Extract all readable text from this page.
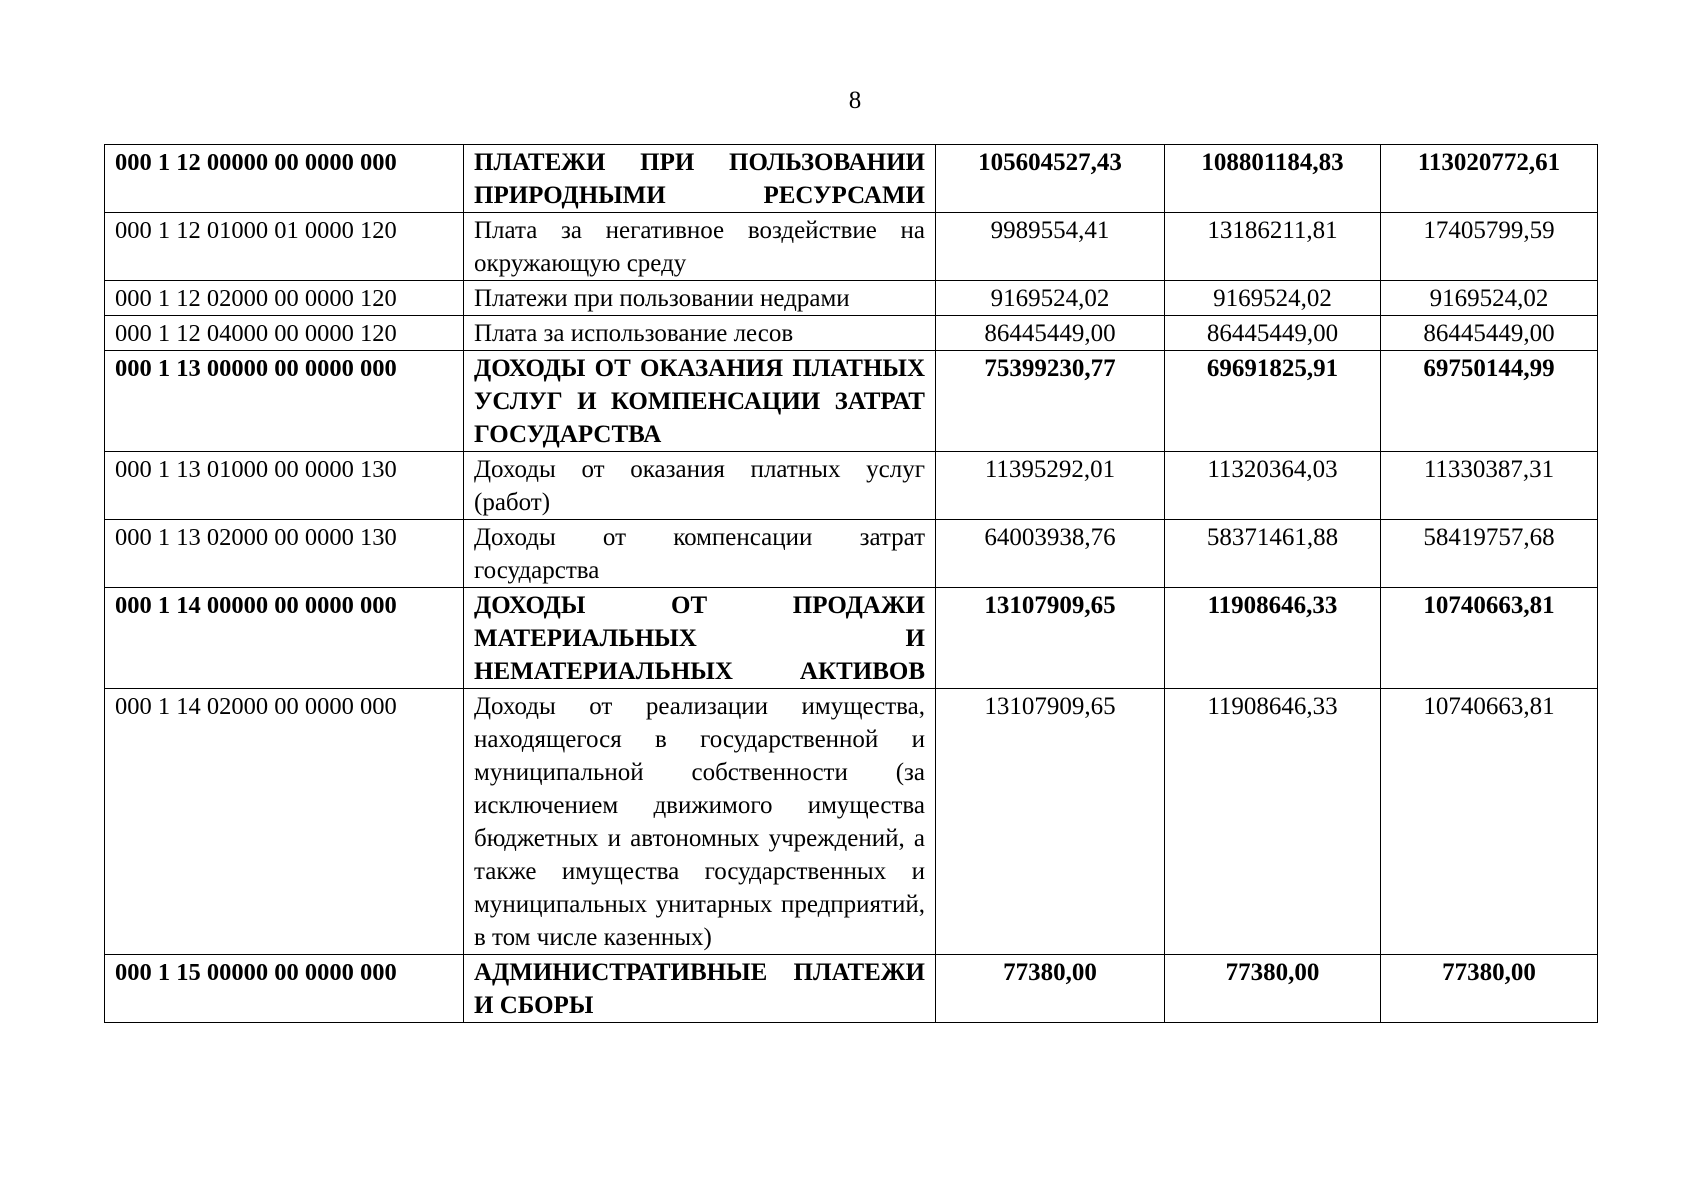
8
000 1 12 00000 00 0000 000	ПЛАТЕЖИ ПРИ ПОЛЬЗОВАНИИ ПРИРОДНЫМИ РЕСУРСАМИ	105604527,43	108801184,83	113020772,61
000 1 12 01000 01 0000 120	Плата за негативное воздействие на окружающую среду	9989554,41	13186211,81	17405799,59
000 1 12 02000 00 0000 120	Платежи при пользовании недрами	9169524,02	9169524,02	9169524,02
000 1 12 04000 00 0000 120	Плата за использование лесов	86445449,00	86445449,00	86445449,00
000 1 13 00000 00 0000 000	ДОХОДЫ ОТ ОКАЗАНИЯ ПЛАТНЫХ УСЛУГ И КОМПЕНСАЦИИ ЗАТРАТ ГОСУДАРСТВА	75399230,77	69691825,91	69750144,99
000 1 13 01000 00 0000 130	Доходы от оказания платных услуг (работ)	11395292,01	11320364,03	11330387,31
000 1 13 02000 00 0000 130	Доходы от компенсации затрат государства	64003938,76	58371461,88	58419757,68
000 1 14 00000 00 0000 000	ДОХОДЫ ОТ ПРОДАЖИ МАТЕРИАЛЬНЫХ И НЕМАТЕРИАЛЬНЫХ АКТИВОВ	13107909,65	11908646,33	10740663,81
000 1 14 02000 00 0000 000	Доходы от реализации имущества, находящегося в государственной и муниципальной собственности (за исключением движимого имущества бюджетных и автономных учреждений, а также имущества государственных и муниципальных унитарных предприятий, в том числе казенных)	13107909,65	11908646,33	10740663,81
000 1 15 00000 00 0000 000	АДМИНИСТРАТИВНЫЕ ПЛАТЕЖИ И СБОРЫ	77380,00	77380,00	77380,00
